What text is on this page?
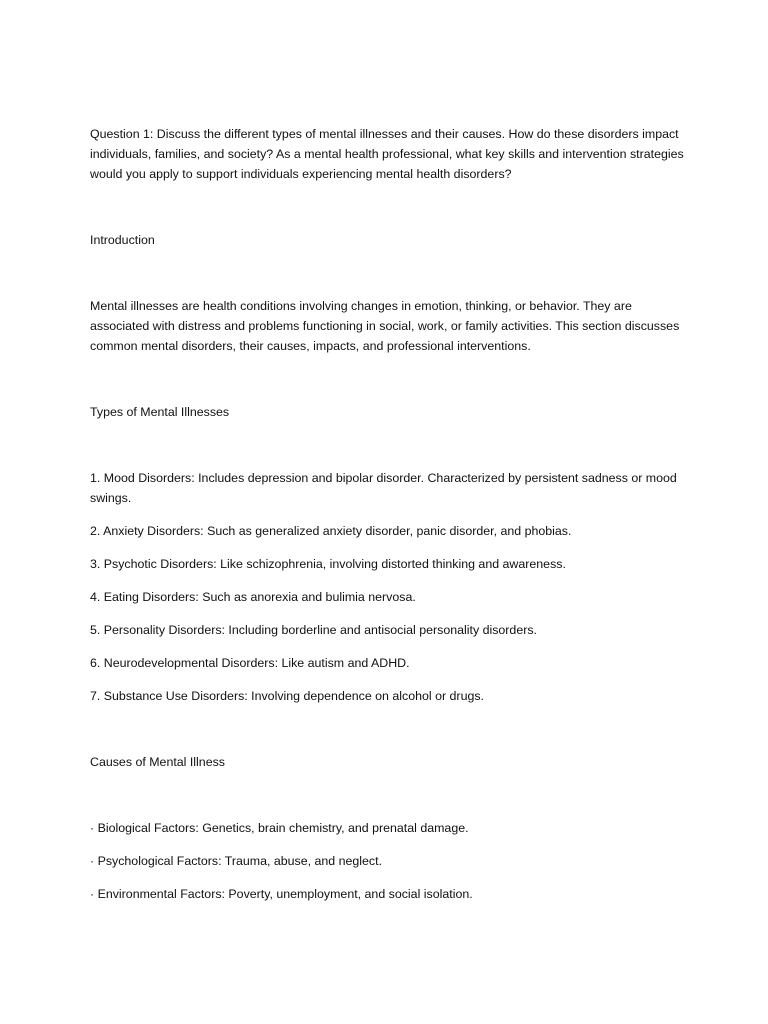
Question 1: Discuss the different types of mental illnesses and their causes. How do these disorders impact individuals, families, and society? As a mental health professional, what key skills and intervention strategies would you apply to support individuals experiencing mental health disorders?

Introduction

Mental illnesses are health conditions involving changes in emotion, thinking, or behavior. They are associated with distress and problems functioning in social, work, or family activities. This section discusses common mental disorders, their causes, impacts, and professional interventions.

Types of Mental Illnesses

1. Mood Disorders: Includes depression and bipolar disorder. Characterized by persistent sadness or mood swings.

2. Anxiety Disorders: Such as generalized anxiety disorder, panic disorder, and phobias.

3. Psychotic Disorders: Like schizophrenia, involving distorted thinking and awareness.

4. Eating Disorders: Such as anorexia and bulimia nervosa.

5. Personality Disorders: Including borderline and antisocial personality disorders.

6. Neurodevelopmental Disorders: Like autism and ADHD.

7. Substance Use Disorders: Involving dependence on alcohol or drugs.

Causes of Mental Illness

· Biological Factors: Genetics, brain chemistry, and prenatal damage.

· Psychological Factors: Trauma, abuse, and neglect.

· Environmental Factors: Poverty, unemployment, and social isolation.
